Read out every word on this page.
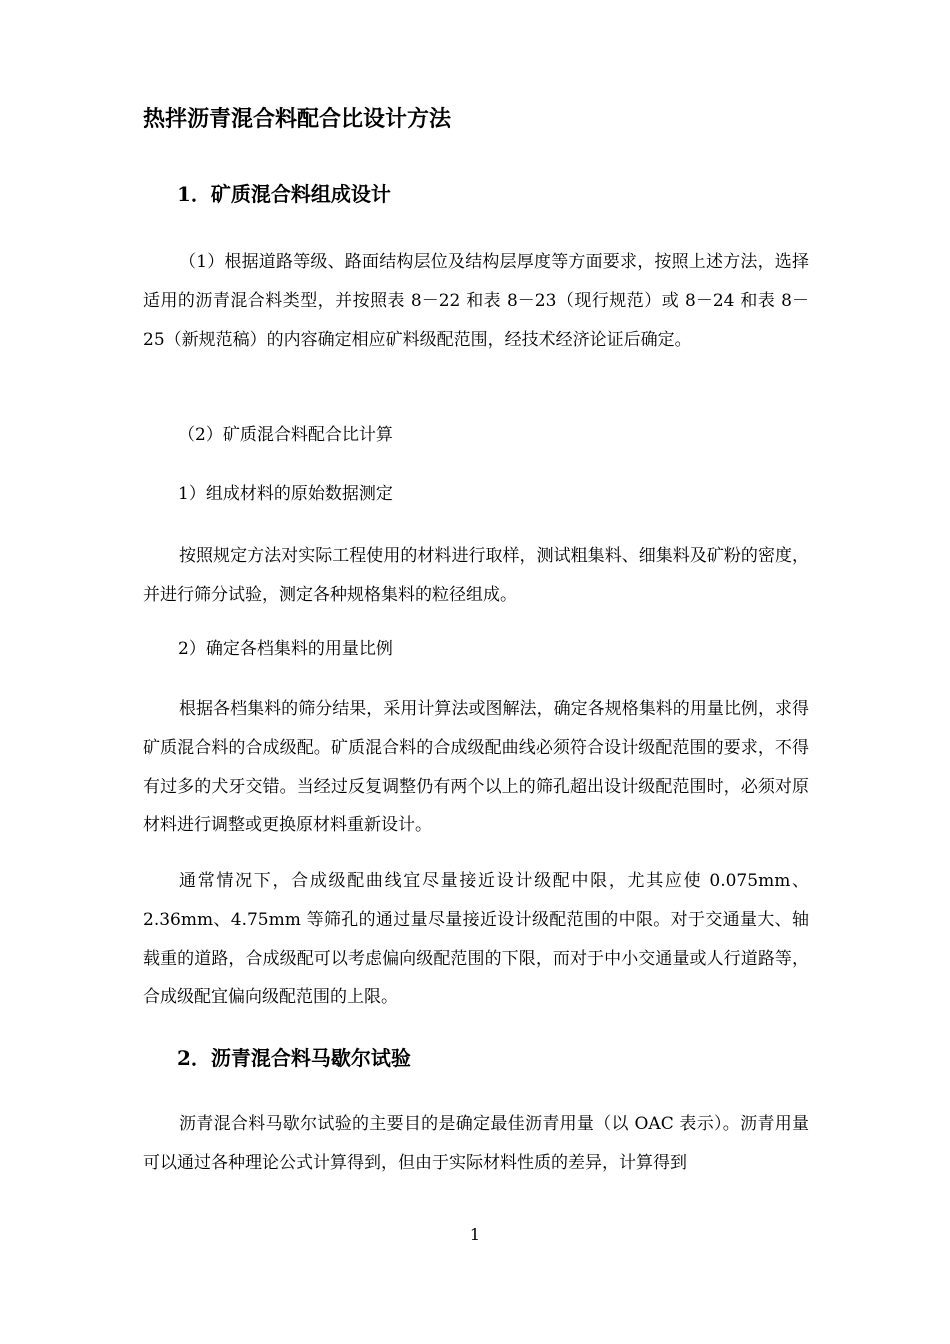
热拌沥青混合料配合比设计方法
1．矿质混合料组成设计

（1）根据道路等级、路面结构层位及结构层厚度等方面要求，按照上述方法，选择适用的沥青混合料类型，并按照表 8－22 和表 8－23（现行规范）或 8－24 和表 8－25（新规范稿）的内容确定相应矿料级配范围，经技术经济论证后确定。

（2）矿质混合料配合比计算

1）组成材料的原始数据测定

按照规定方法对实际工程使用的材料进行取样，测试粗集料、细集料及矿粉的密度，并进行筛分试验，测定各种规格集料的粒径组成。

2）确定各档集料的用量比例

根据各档集料的筛分结果，采用计算法或图解法，确定各规格集料的用量比例，求得矿质混合料的合成级配。矿质混合料的合成级配曲线必须符合设计级配范围的要求，不得有过多的犬牙交错。当经过反复调整仍有两个以上的筛孔超出设计级配范围时，必须对原材料进行调整或更换原材料重新设计。

通常情况下，合成级配曲线宜尽量接近设计级配中限，尤其应使 0.075mm、2.36mm、4.75mm 等筛孔的通过量尽量接近设计级配范围的中限。对于交通量大、轴载重的道路，合成级配可以考虑偏向级配范围的下限，而对于中小交通量或人行道路等，合成级配宜偏向级配范围的上限。

2．沥青混合料马歇尔试验

沥青混合料马歇尔试验的主要目的是确定最佳沥青用量（以 OAC 表示）。沥青用量可以通过各种理论公式计算得到，但由于实际材料性质的差异，计算得到

1
